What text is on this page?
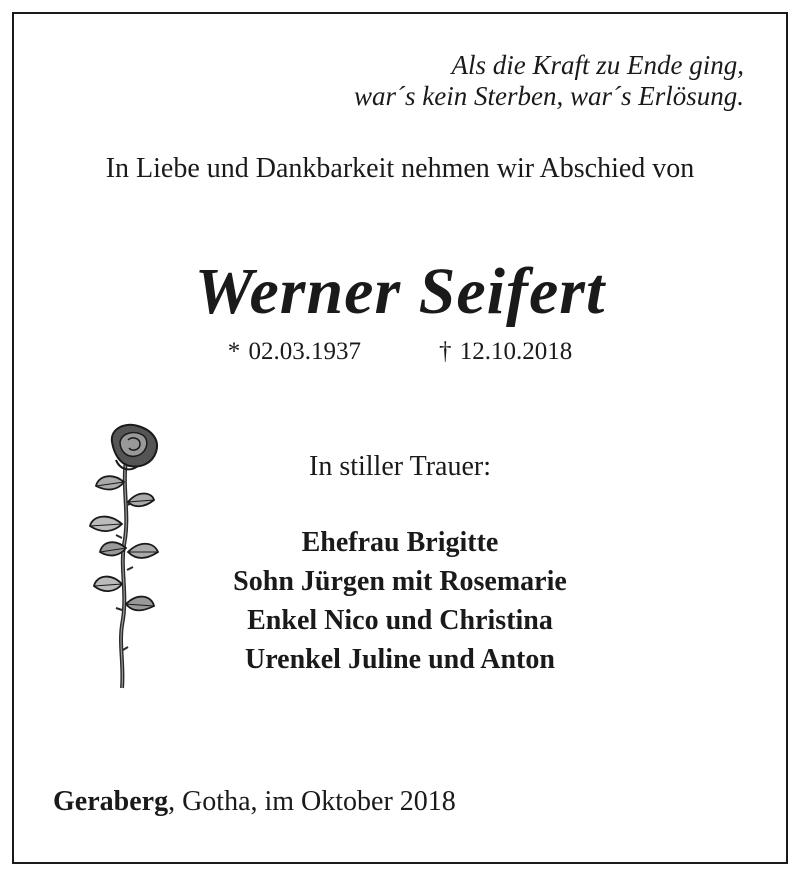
Als die Kraft zu Ende ging,
war´s kein Sterben, war´s Erlösung.
In Liebe und Dankbarkeit nehmen wir Abschied von
Werner Seifert
* 02.03.1937	† 12.10.2018
In stiller Trauer:
Ehefrau Brigitte
Sohn Jürgen mit Rosemarie
Enkel Nico und Christina
Urenkel Juline und Anton
Geraberg, Gotha, im Oktober 2018
